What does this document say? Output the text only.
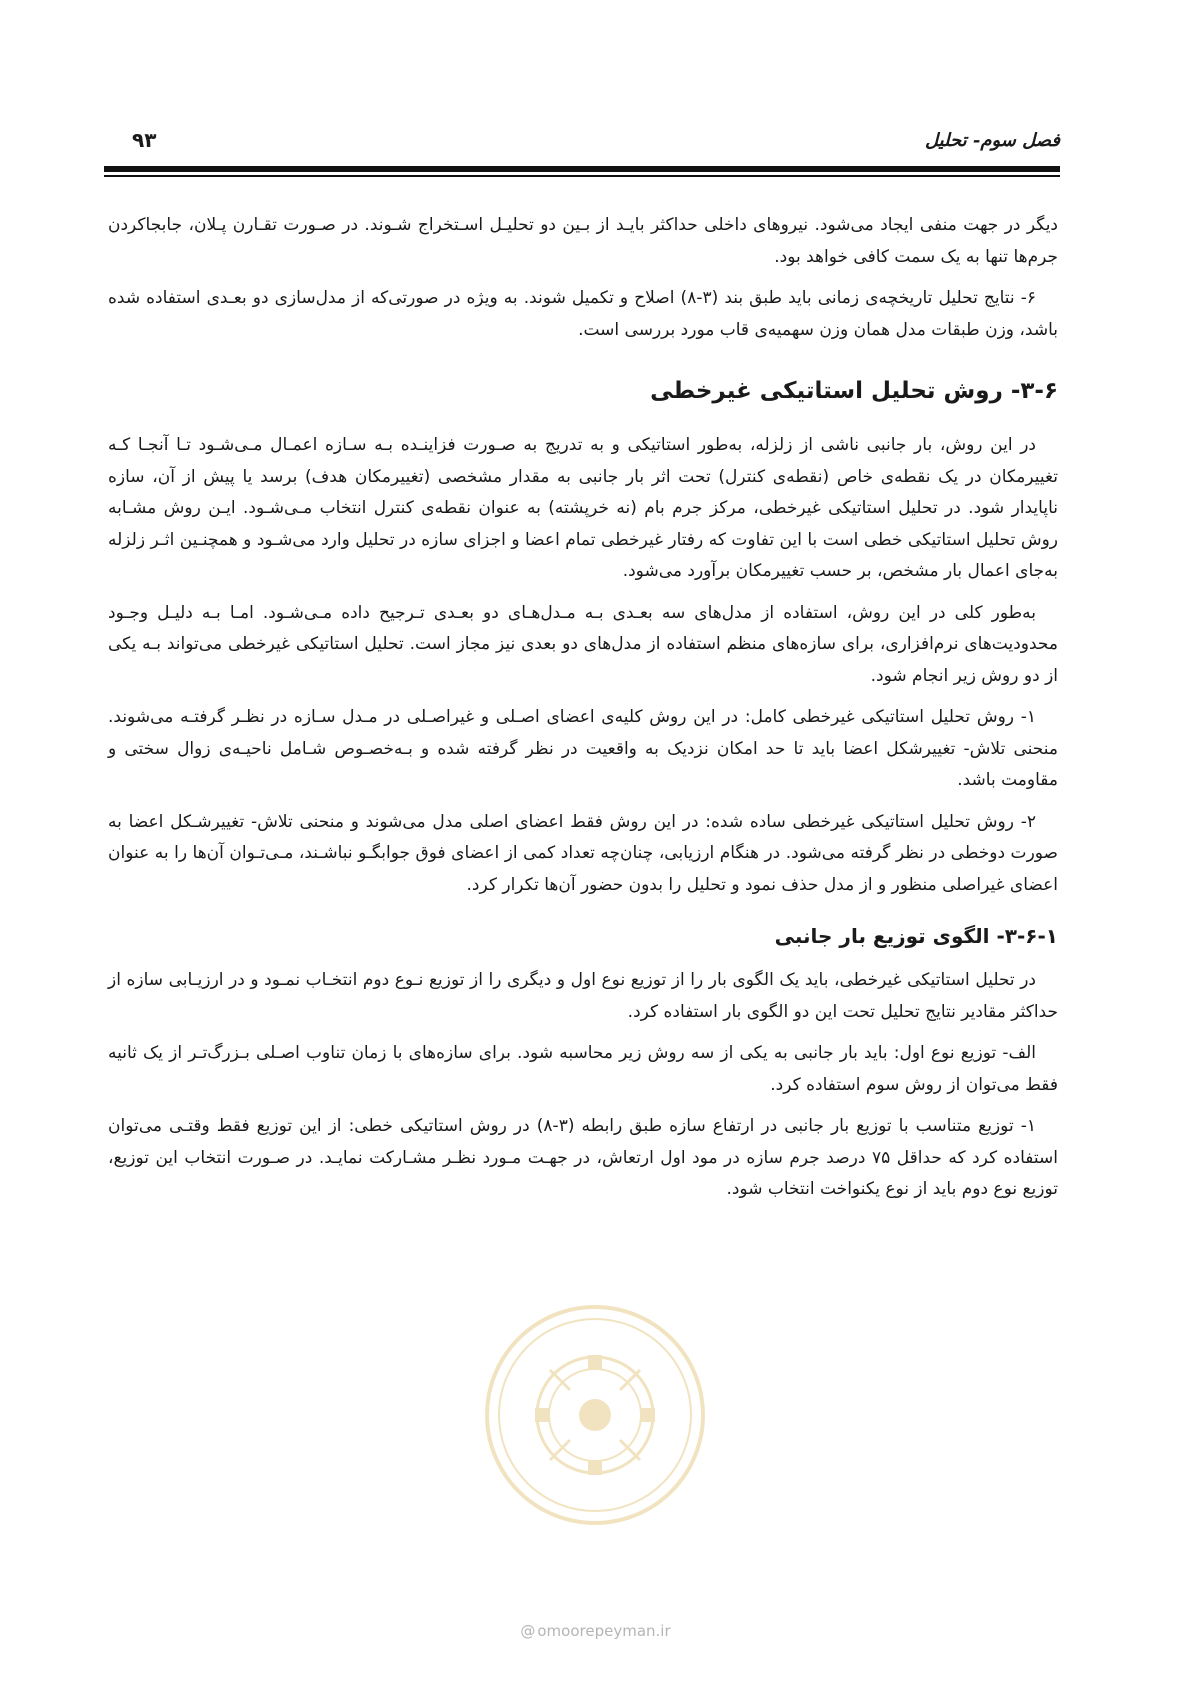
فصل سوم- تحلیل
۹۳

دیگر در جهت منفی ایجاد می‌شود. نیروهای داخلی حداکثر بایـد از بـین دو تحلیـل اسـتخراج شـوند. در صـورت تقـارن پـلان، جابجاکردن جرم‌ها تنها به یک سمت کافی خواهد بود.

۶- نتایج تحلیل تاریخچه‌ی زمانی باید طبق بند (۳-۸) اصلاح و تکمیل شوند. به ویژه در صورتی‌که از مدل‌سازی دو بعـدی استفاده شده باشد، وزن طبقات مدل همان وزن سهمیه‌ی قاب مورد بررسی است.

۳-۶- روش تحلیل استاتیکی غیرخطی

در این روش، بار جانبی ناشی از زلزله، به‌طور استاتیکی و به تدریج به صـورت فزاینـده بـه سـازه اعمـال مـی‌شـود تـا آنجـا کـه تغییرمکان در یک نقطه‌ی خاص (نقطه‌ی کنترل) تحت اثر بار جانبی به مقدار مشخصی (تغییرمکان هدف) برسد یا پیش از آن، سازه ناپایدار شود. در تحلیل استاتیکی غیرخطی، مرکز جرم بام (نه خرپشته) به عنوان نقطه‌ی کنترل انتخاب مـی‌شـود. ایـن روش مشـابه روش تحلیل استاتیکی خطی است با این تفاوت که رفتار غیرخطی تمام اعضا و اجزای سازه در تحلیل وارد می‌شـود و همچنـین اثـر زلزله به‌جای اعمال بار مشخص، بر حسب تغییرمکان برآورد می‌شود.

به‌طور کلی در این روش، استفاده از مدل‌های سه بعـدی بـه مـدل‌هـای دو بعـدی تـرجیح داده مـی‌شـود. امـا بـه دلیـل وجـود محدودیت‌های نرم‌افزاری، برای سازه‌های منظم استفاده از مدل‌های دو بعدی نیز مجاز است. تحلیل استاتیکی غیرخطی می‌تواند بـه یکی از دو روش زیر انجام شود.

۱- روش تحلیل استاتیکی غیرخطی کامل: در این روش کلیه‌ی اعضای اصـلی و غیراصـلی در مـدل سـازه در نظـر گرفتـه می‌شوند. منحنی تلاش- تغییرشکل اعضا باید تا حد امکان نزدیک به واقعیت در نظر گرفته شده و بـه‌خصـوص شـامل ناحیـه‌ی زوال سختی و مقاومت باشد.

۲- روش تحلیل استاتیکی غیرخطی ساده شده: در این روش فقط اعضای اصلی مدل می‌شوند و منحنی تلاش- تغییرشـکل اعضا به صورت دوخطی در نظر گرفته می‌شود. در هنگام ارزیابی، چنان‌چه تعداد کمی از اعضای فوق جوابگـو نباشـند، مـی‌تـوان آن‌ها را به عنوان اعضای غیراصلی منظور و از مدل حذف نمود و تحلیل را بدون حضور آن‌ها تکرار کرد.

۳-۶-۱- الگوی توزیع بار جانبی

در تحلیل استاتیکی غیرخطی، باید یک الگوی بار را از توزیع نوع اول و دیگری را از توزیع نـوع دوم انتخـاب نمـود و در ارزیـابی سازه از حداکثر مقادیر نتایج تحلیل تحت این دو الگوی بار استفاده کرد.

الف- توزیع نوع اول: باید بار جانبی به یکی از سه روش زیر محاسبه شود. برای سازه‌های با زمان تناوب اصـلی بـزرگ‌تـر از یک ثانیه فقط می‌توان از روش سوم استفاده کرد.

۱- توزیع متناسب با توزیع بار جانبی در ارتفاع سازه طبق رابطه (۳-۸) در روش استاتیکی خطی: از این توزیع فقط وقتـی می‌توان استفاده کرد که حداقل ۷۵ درصد جرم سازه در مود اول ارتعاش، در جهـت مـورد نظـر مشـارکت نمایـد. در صـورت انتخاب این توزیع، توزیع نوع دوم باید از نوع یکنواخت انتخاب شود.

@ omoorepeyman.ir
